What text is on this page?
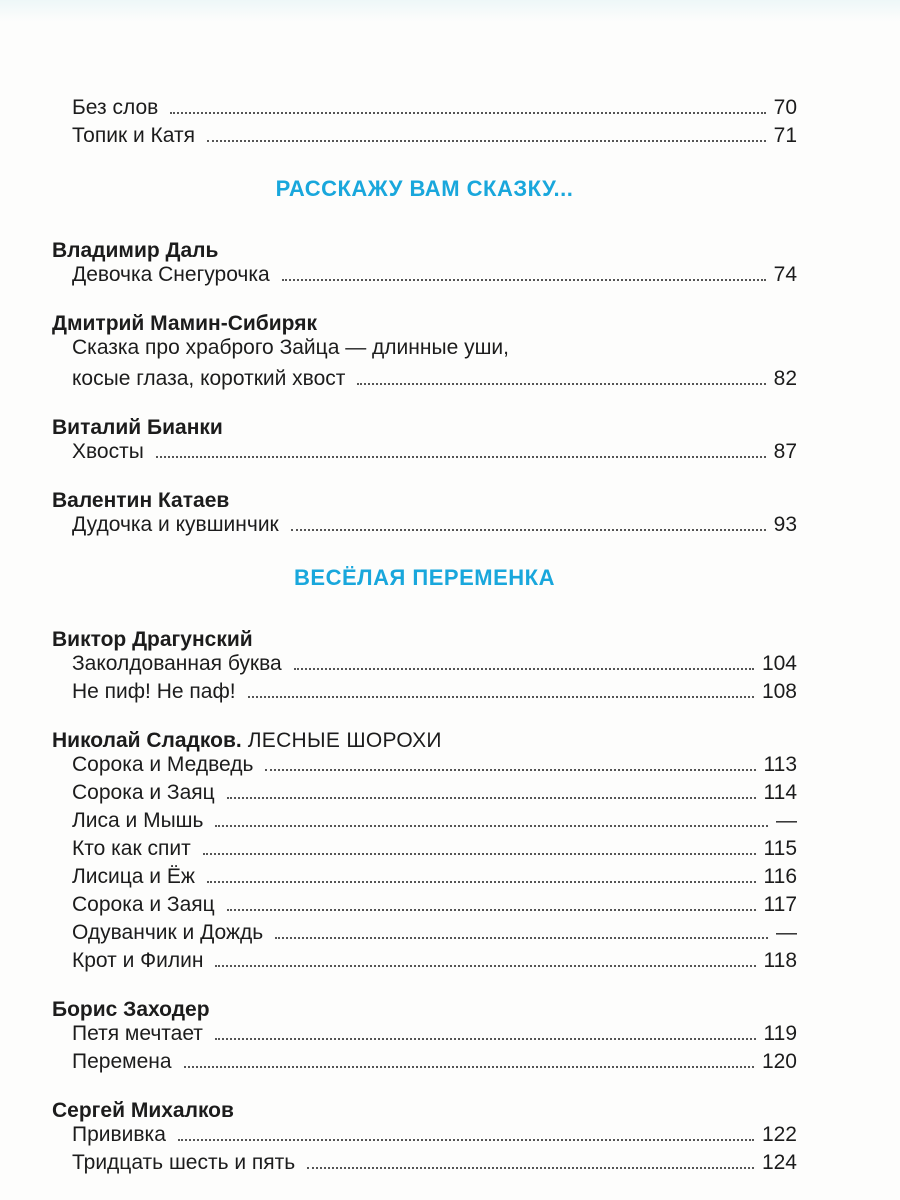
Без слов	70
Топик и Катя	71
РАССКАЖУ ВАМ СКАЗКУ...
Владимир Даль
Девочка Снегурочка	74
Дмитрий Мамин-Сибиряк
Сказка про храброго Зайца — длинные уши,
косые глаза, короткий хвост	82
Виталий Бианки
Хвосты	87
Валентин Катаев
Дудочка и кувшинчик	93
ВЕСЁЛАЯ ПЕРЕМЕНКА
Виктор Драгунский
Заколдованная буква	104
Не пиф! Не паф!	108
Николай Сладков. ЛЕСНЫЕ ШОРОХИ
Сорока и Медведь	113
Сорока и Заяц	114
Лиса и Мышь	—
Кто как спит	115
Лисица и Ёж	116
Сорока и Заяц	117
Одуванчик и Дождь	—
Крот и Филин	118
Борис Заходер
Петя мечтает	119
Перемена	120
Сергей Михалков
Прививка	122
Тридцать шесть и пять	124
